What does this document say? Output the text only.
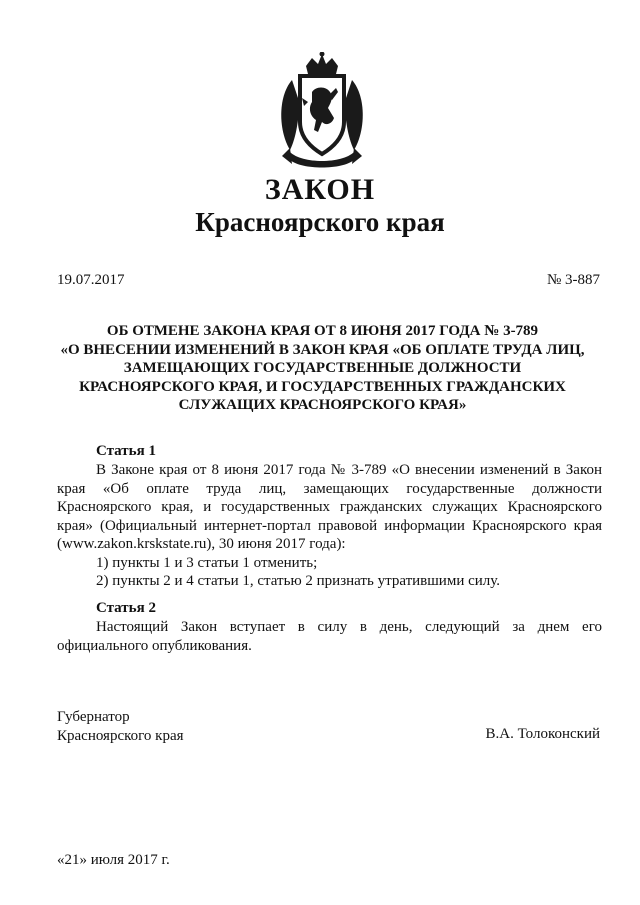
ЗАКОН
Красноярского края
19.07.2017	№ 3-887
ОБ ОТМЕНЕ ЗАКОНА КРАЯ ОТ 8 ИЮНЯ 2017 ГОДА № 3-789
«О ВНЕСЕНИИ ИЗМЕНЕНИЙ В ЗАКОН КРАЯ «ОБ ОПЛАТЕ ТРУДА ЛИЦ,
ЗАМЕЩАЮЩИХ ГОСУДАРСТВЕННЫЕ ДОЛЖНОСТИ
КРАСНОЯРСКОГО КРАЯ, И ГОСУДАРСТВЕННЫХ ГРАЖДАНСКИХ
СЛУЖАЩИХ КРАСНОЯРСКОГО КРАЯ»
Статья 1

В Законе края от 8 июня 2017 года № 3-789 «О внесении изменений в Закон края «Об оплате труда лиц, замещающих государственные должности Красноярского края, и государственных гражданских служащих Красноярского края» (Официальный интернет-портал правовой информации Красноярского края (www.zakon.krskstate.ru), 30 июня 2017 года):

1) пункты 1 и 3 статьи 1 отменить;

2) пункты 2 и 4 статьи 1, статью 2 признать утратившими силу.

Статья 2

Настоящий Закон вступает в силу в день, следующий за днем его официального опубликования.

Губернатор
Красноярского края	В.А. Толоконский
«21» июля 2017 г.
